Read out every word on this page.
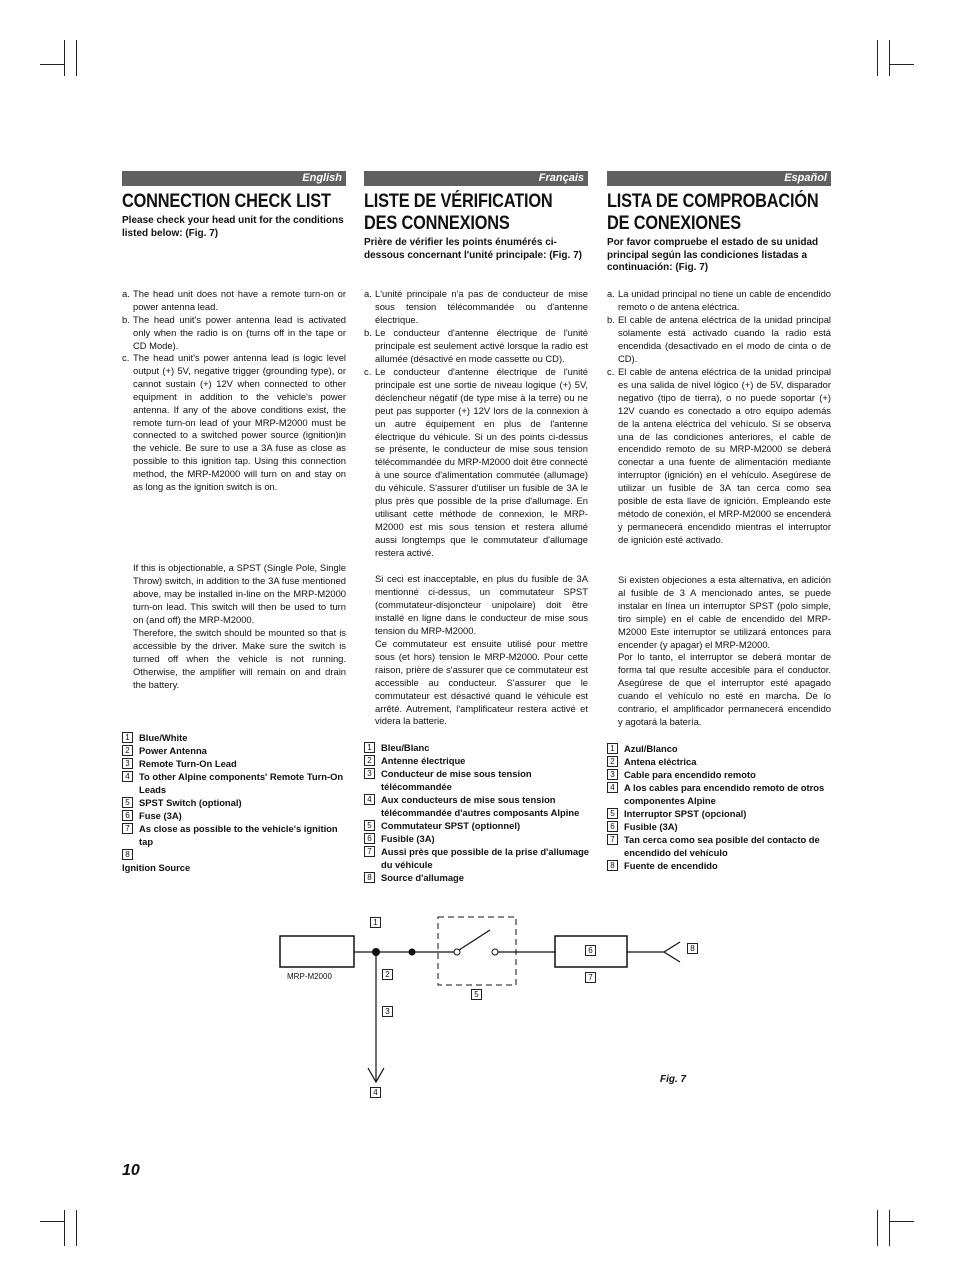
English
CONNECTION CHECK LIST
Please check your head unit for the conditions listed below: (Fig. 7)
a. The head unit does not have a remote turn-on or power antenna lead.
b. The head unit's power antenna lead is activated only when the radio is on (turns off in the tape or CD Mode).
c. The head unit's power antenna lead is logic level output (+) 5V, negative trigger (grounding type), or cannot sustain (+) 12V when connected to other equipment in addition to the vehicle's power antenna. If any of the above conditions exist, the remote turn-on lead of your MRP-M2000 must be connected to a switched power source (ignition)in the vehicle. Be sure to use a 3A fuse as close as possible to this ignition tap. Using this connection method, the MRP-M2000 will turn on and stay on as long as the ignition switch is on.
If this is objectionable, a SPST (Single Pole, Single Throw) switch, in addition to the 3A fuse mentioned above, may be installed in-line on the MRP-M2000 turn-on lead. This switch will then be used to turn on (and off) the MRP-M2000.
Therefore, the switch should be mounted so that is accessible by the driver. Make sure the switch is turned off when the vehicle is not running. Otherwise, the amplifier will remain on and drain the battery.
1 Blue/White
2 Power Antenna
3 Remote Turn-On Lead
4 To other Alpine components' Remote Turn-On Leads
5 SPST Switch (optional)
6 Fuse (3A)
7 As close as possible to the vehicle's ignition tap
8

Ignition Source
Français
LISTE DE VÉRIFICATION DES CONNEXIONS
Prière de vérifier les points énumérés ci-dessous concernant l'unité principale: (Fig. 7)
a. L'unité principale n'a pas de conducteur de mise sous tension télécommandée ou d'antenne électrique.
b. Le conducteur d'antenne électrique de l'unité principale est seulement activé lorsque la radio est allumée (désactivé en mode cassette ou CD).
c. Le conducteur d'antenne électrique de l'unité principale est une sortie de niveau logique (+) 5V, déclencheur négatif (de type mise à la terre) ou ne peut pas supporter (+) 12V lors de la connexion à un autre équipement en plus de l'antenne électrique du véhicule. Si un des points ci-dessus se présente, le conducteur de mise sous tension télécommandée du MRP-M2000 doit être connecté à une source d'alimentation commutée (allumage) du véhicule. S'assurer d'utiliser un fusible de 3A le plus près que possible de la prise d'allumage. En utilisant cette méthode de connexion, le MRP-M2000 est mis sous tension et restera allumé aussi longtemps que le commutateur d'allumage restera activé.
Si ceci est inacceptable, en plus du fusible de 3A mentionné ci-dessus, un commutateur SPST (commutateur-disjoncteur unipolaire) doit être installé en ligne dans le conducteur de mise sous tension du MRP-M2000.
Ce commutateur est ensuite utilisé pour mettre sous (et hors) tension le MRP-M2000. Pour cette raison, prière de s'assurer que ce commutateur est accessible au conducteur. S'assurer que le commutateur est désactivé quand le véhicule est arrêté. Autrement, l'amplificateur restera activé et videra la batterie.
1 Bleu/Blanc
2 Antenne électrique
3 Conducteur de mise sous tension télécommandée
4 Aux conducteurs de mise sous tension télécommandée d'autres composants Alpine
5 Commutateur SPST (optionnel)
6 Fusible (3A)
7 Aussi près que possible de la prise d'allumage du véhicule
8 Source d'allumage
Español
LISTA DE COMPROBACIÓN DE CONEXIONES
Por favor compruebe el estado de su unidad principal según las condiciones listadas a continuación: (Fig. 7)
a. La unidad principal no tiene un cable de encendido remoto o de antena eléctrica.
b. El cable de antena eléctrica de la unidad principal solamente está activado cuando la radio está encendida (desactivado en el modo de cinta o de CD).
c. El cable de antena eléctrica de la unidad principal es una salida de nivel lógico (+) de 5V, disparador negativo (tipo de tierra), o no puede soportar (+) 12V cuando es conectado a otro equipo además de la antena eléctrica del vehículo. Si se observa una de las condiciones anteriores, el cable de encendido remoto de su MRP-M2000 se deberá conectar a una fuente de alimentación mediante interruptor (ignición) en el vehículo. Asegúrese de utilizar un fusible de 3A tan cerca como sea posible de esta llave de ignición. Empleando este método de conexión, el MRP-M2000 se encenderá y permanecerá encendido mientras el interruptor de ignición esté activado.
Si existen objeciones a esta alternativa, en adición al fusible de 3 A mencionado antes, se puede instalar en línea un interruptor SPST (polo simple, tiro simple) en el cable de encendido del MRP-M2000 Este interruptor se utilizará entonces para encender (y apagar) el MRP-M2000.
Por lo tanto, el interruptor se deberá montar de forma tal que resulte accesible para el conductor. Asegúrese de que el interruptor esté apagado cuando el vehículo no esté en marcha. De lo contrario, el amplificador permanecerá encendido y agotará la batería.
1 Azul/Blanco
2 Antena eléctrica
3 Cable para encendido remoto
4 A los cables para encendido remoto de otros componentes Alpine
5 Interruptor SPST (opcional)
6 Fusible (3A)
7 Tan cerca como sea posible del contacto de encendido del vehículo
8 Fuente de encendido
1
2
3
4
5
6
7
8
MRP-M2000
Fig. 7
10
